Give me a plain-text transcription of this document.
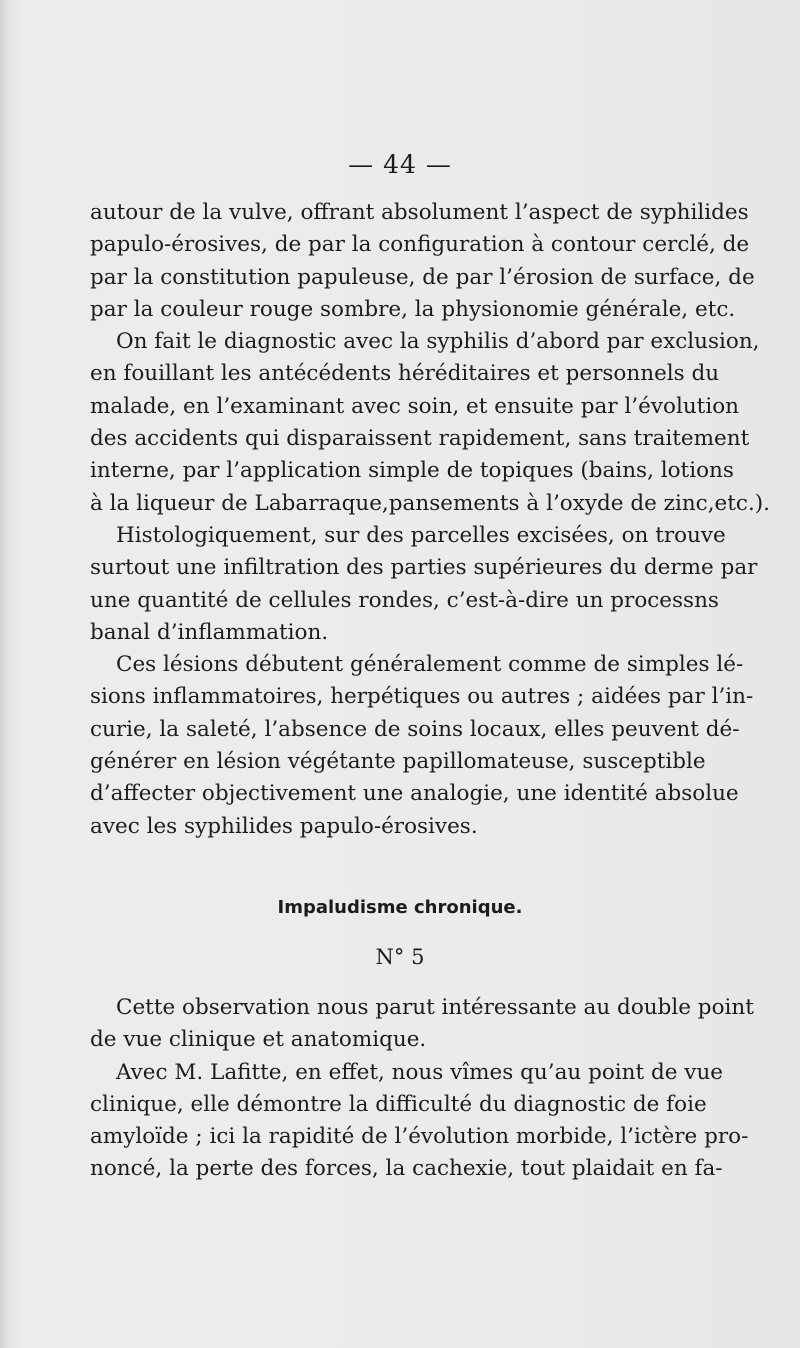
— 44 —
autour de la vulve, offrant absolument l’aspect de syphilides
papulo-érosives, de par la configuration à contour cerclé, de
par la constitution papuleuse, de par l’érosion de surface, de
par la couleur rouge sombre, la physionomie générale, etc.
On fait le diagnostic avec la syphilis d’abord par exclusion,
en fouillant les antécédents héréditaires et personnels du
malade, en l’examinant avec soin, et ensuite par l’évolution
des accidents qui disparaissent rapidement, sans traitement
interne, par l’application simple de topiques (bains, lotions
à la liqueur de Labarraque,pansements à l’oxyde de zinc,etc.).
Histologiquement, sur des parcelles excisées, on trouve
surtout une infiltration des parties supérieures du derme par
une quantité de cellules rondes, c’est-à-dire un processns
banal d’inflammation.
Ces lésions débutent généralement comme de simples lé-
sions inflammatoires, herpétiques ou autres ; aidées par l’in-
curie, la saleté, l’absence de soins locaux, elles peuvent dé-
générer en lésion végétante papillomateuse, susceptible
d’affecter objectivement une analogie, une identité absolue
avec les syphilides papulo-érosives.
Impaludisme chronique.
N° 5
Cette observation nous parut intéressante au double point
de vue clinique et anatomique.
Avec M. Lafitte, en effet, nous vîmes qu’au point de vue
clinique, elle démontre la difficulté du diagnostic de foie
amyloïde ; ici la rapidité de l’évolution morbide, l’ictère pro-
noncé, la perte des forces, la cachexie, tout plaidait en fa-
